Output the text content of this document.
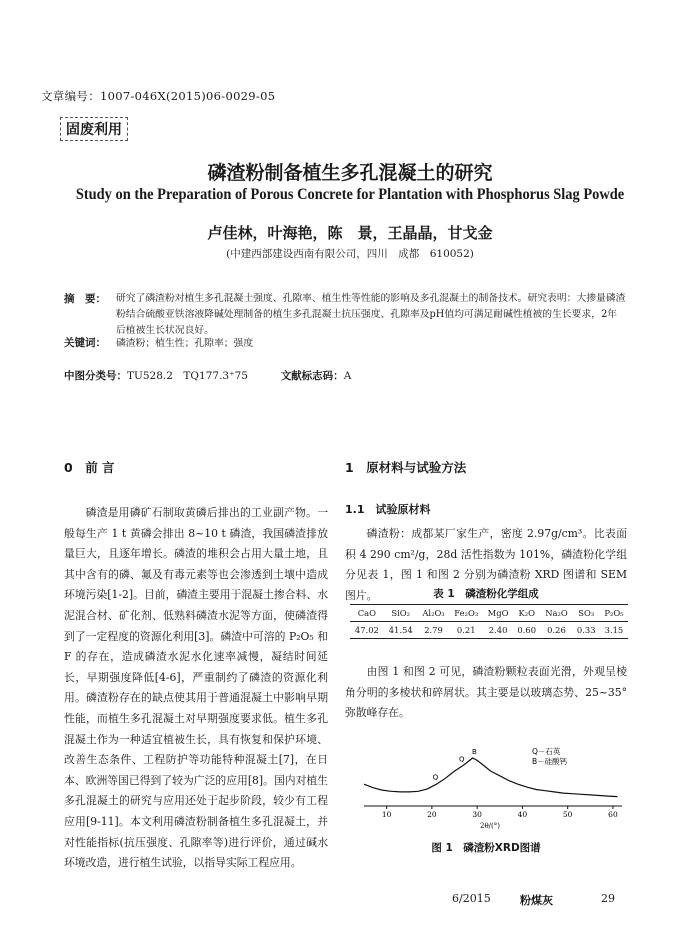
文章编号：1007-046X(2015)06-0029-05
固废利用
磷渣粉制备植生多孔混凝土的研究
Study on the Preparation of Porous Concrete for Plantation with Phosphorus Slag Powde
卢佳林，叶海艳，陈　景，王晶晶，甘戈金
(中建西部建设西南有限公司，四川　成都　610052)
摘　要： 研究了磷渣粉对植生多孔混凝土强度、孔隙率、植生性等性能的影响及多孔混凝土的制备技术。研究表明：大掺量磷渣粉结合硫酸亚铁溶液降碱处理制备的植生多孔混凝土抗压强度、孔隙率及pH值均可满足耐碱性植被的生长要求，2年后植被生长状况良好。
关键词： 磷渣粉；植生性；孔隙率；强度
中图分类号：TU528.2　TQ177.3⁺75	文献标志码：A
0　前 言
磷渣是用磷矿石制取黄磷后排出的工业副产物。一般每生产 1 t 黄磷会排出 8~10 t 磷渣，我国磷渣排放量巨大，且逐年增长。磷渣的堆积会占用大量土地，且其中含有的磷、氟及有毒元素等也会渗透到土壤中造成环境污染[1-2]。目前，磷渣主要用于混凝土掺合料、水泥混合材、矿化剂、低熟料磷渣水泥等方面，使磷渣得到了一定程度的资源化利用[3]。磷渣中可溶的 P₂O₅ 和 F 的存在，造成磷渣水泥水化速率减慢，凝结时间延长，早期强度降低[4-6]，严重制约了磷渣的资源化利用。磷渣粉存在的缺点使其用于普通混凝土中影响早期性能，而植生多孔混凝土对早期强度要求低。植生多孔混凝土作为一种适宜植被生长，具有恢复和保护环境、改善生态条件、工程防护等功能特种混凝土[7]，在日本、欧洲等国已得到了较为广泛的应用[8]。国内对植生多孔混凝土的研究与应用还处于起步阶段，较少有工程应用[9-11]。本文利用磷渣粉制备植生多孔混凝土，并对性能指标(抗压强度、孔隙率等)进行评价，通过碱水环境改造，进行植生试验，以指导实际工程应用。
1　原材料与试验方法
1.1　试验原材料
磷渣粉：成都某厂家生产，密度 2.97g/cm³。比表面积 4 290 cm²/g，28d 活性指数为 101%，磷渣粉化学组分见表 1，图 1 和图 2 分别为磷渣粉 XRD 图谱和 SEM 图片。	表 1　磷渣粉化学组成
CaO	SiO₂	Al₂O₃	Fe₂O₃	MgO	K₂O	Na₂O	SO₃	P₂O₅
47.02	41.54	2.79	0.21	2.40	0.60	0.26	0.33	3.15
由图 1 和图 2 可见，磷渣粉颗粒表面光滑，外观呈棱角分明的多棱状和碎屑状。其主要是以玻璃态势、25~35° 弥散峰存在。
10	20	30	40	50	60
Q
B
Q
Q－石英
B－硅酸钙
2θ/(°)
图 1　磷渣粉XRD图谱
6/2015	粉煤灰	29
